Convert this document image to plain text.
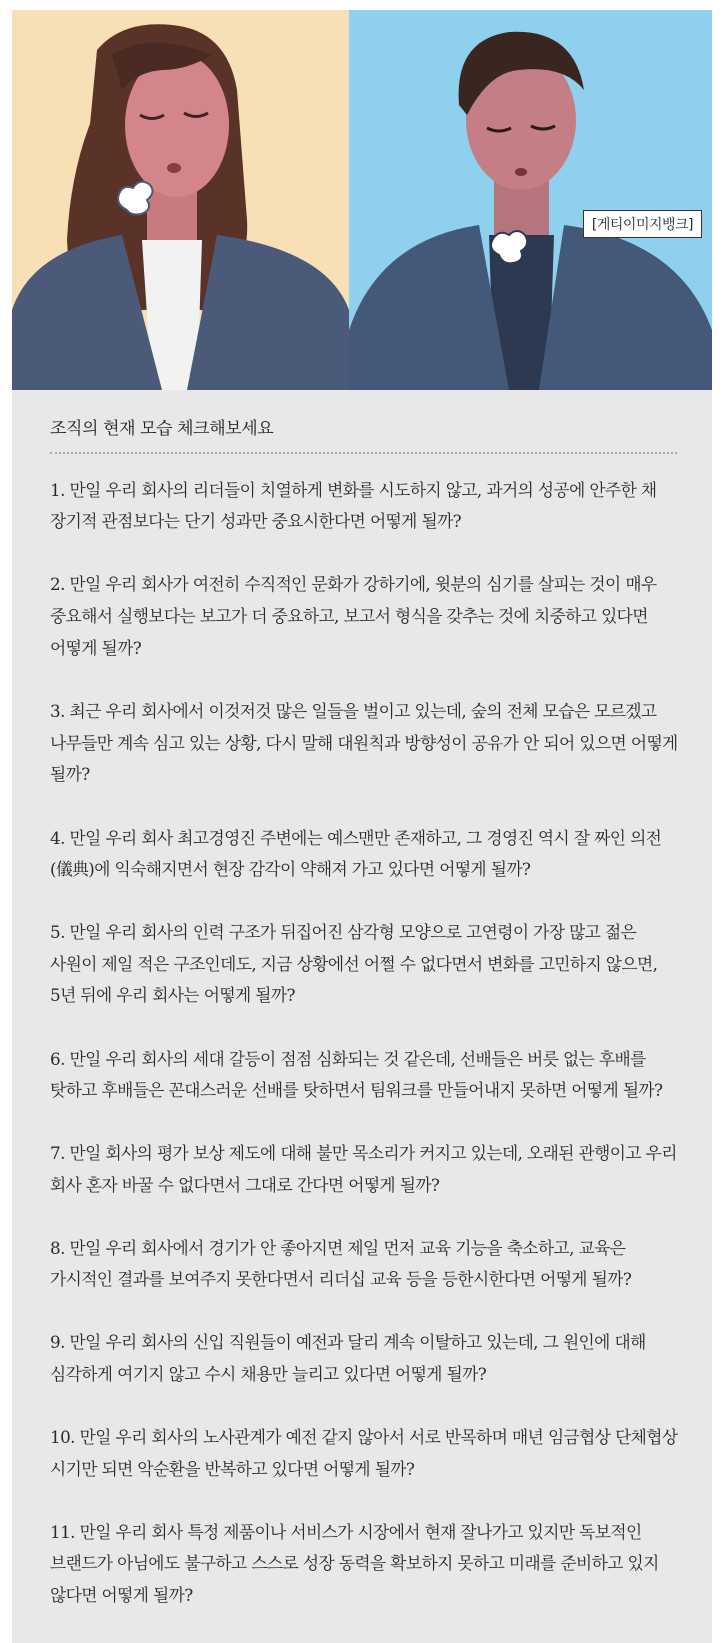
[게티이미지뱅크]
조직의 현재 모습 체크해보세요
1. 만일 우리 회사의 리더들이 치열하게 변화를 시도하지 않고, 과거의 성공에 안주한 채 장기적 관점보다는 단기 성과만 중요시한다면 어떻게 될까?
2. 만일 우리 회사가 여전히 수직적인 문화가 강하기에, 윗분의 심기를 살피는 것이 매우 중요해서 실행보다는 보고가 더 중요하고, 보고서 형식을 갖추는 것에 치중하고 있다면 어떻게 될까?
3. 최근 우리 회사에서 이것저것 많은 일들을 벌이고 있는데, 숲의 전체 모습은 모르겠고 나무들만 계속 심고 있는 상황, 다시 말해 대원칙과 방향성이 공유가 안 되어 있으면 어떻게 될까?
4. 만일 우리 회사 최고경영진 주변에는 예스맨만 존재하고, 그 경영진 역시 잘 짜인 의전(儀典)에 익숙해지면서 현장 감각이 약해져 가고 있다면 어떻게 될까?
5. 만일 우리 회사의 인력 구조가 뒤집어진 삼각형 모양으로 고연령이 가장 많고 젊은 사원이 제일 적은 구조인데도, 지금 상황에선 어쩔 수 없다면서 변화를 고민하지 않으면, 5년 뒤에 우리 회사는 어떻게 될까?
6. 만일 우리 회사의 세대 갈등이 점점 심화되는 것 같은데, 선배들은 버릇 없는 후배를 탓하고 후배들은 꼰대스러운 선배를 탓하면서 팀워크를 만들어내지 못하면 어떻게 될까?
7. 만일 회사의 평가 보상 제도에 대해 불만 목소리가 커지고 있는데, 오래된 관행이고 우리 회사 혼자 바꿀 수 없다면서 그대로 간다면 어떻게 될까?
8. 만일 우리 회사에서 경기가 안 좋아지면 제일 먼저 교육 기능을 축소하고, 교육은 가시적인 결과를 보여주지 못한다면서 리더십 교육 등을 등한시한다면 어떻게 될까?
9. 만일 우리 회사의 신입 직원들이 예전과 달리 계속 이탈하고 있는데, 그 원인에 대해 심각하게 여기지 않고 수시 채용만 늘리고 있다면 어떻게 될까?
10. 만일 우리 회사의 노사관계가 예전 같지 않아서 서로 반목하며 매년 임금협상 단체협상 시기만 되면 악순환을 반복하고 있다면 어떻게 될까?
11. 만일 우리 회사 특정 제품이나 서비스가 시장에서 현재 잘나가고 있지만 독보적인 브랜드가 아님에도 불구하고 스스로 성장 동력을 확보하지 못하고 미래를 준비하고 있지 않다면 어떻게 될까?
